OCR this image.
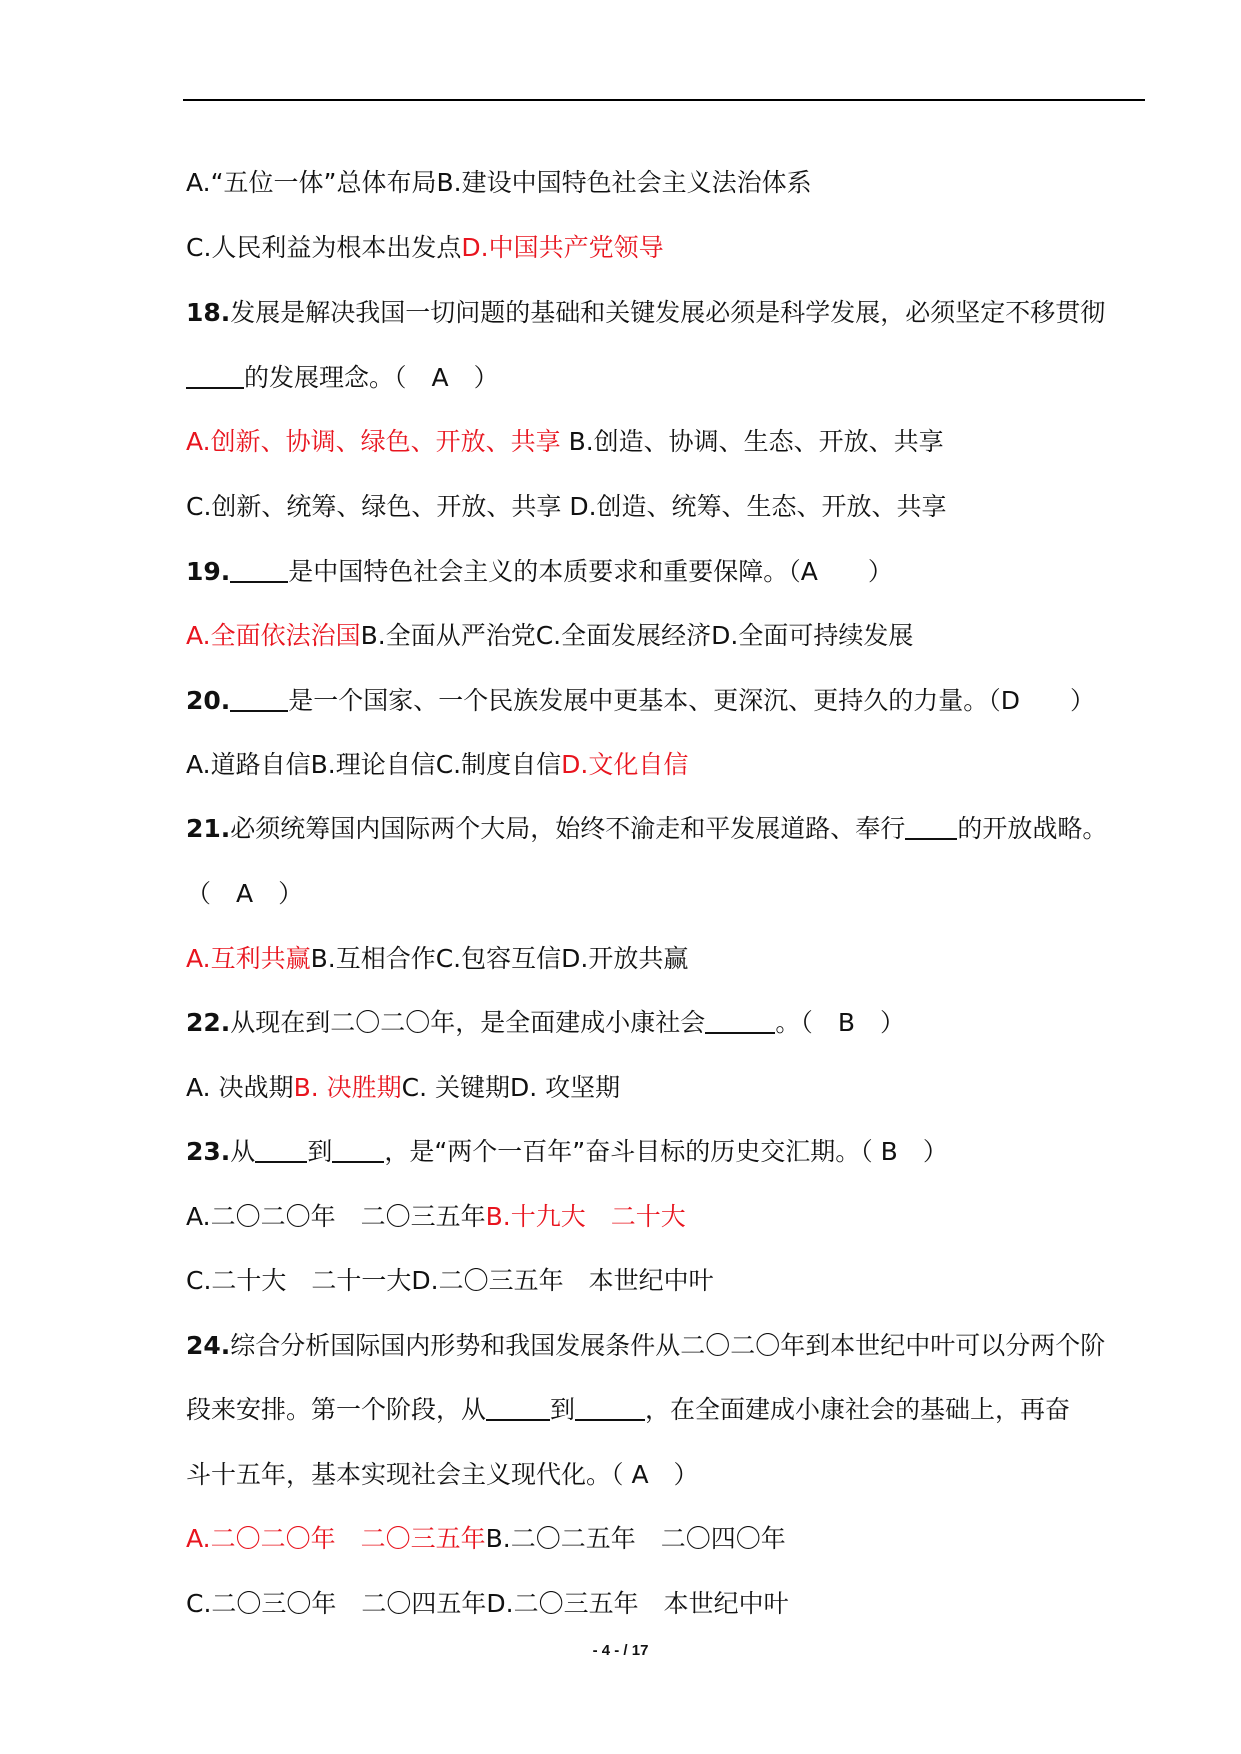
A.“五位一体”总体布局B.建设中国特色社会主义法治体系
C.人民利益为根本出发点D.中国共产党领导
18.发展是解决我国一切问题的基础和关键发展必须是科学发展，必须坚定不移贯彻
的发展理念。（　A　）
A.创新、协调、绿色、开放、共享 B.创造、协调、生态、开放、共享
C.创新、统筹、绿色、开放、共享 D.创造、统筹、生态、开放、共享
19. 是中国特色社会主义的本质要求和重要保障。（A　　）
A.全面依法治国B.全面从严治党C.全面发展经济D.全面可持续发展
20. 是一个国家、一个民族发展中更基本、更深沉、更持久的力量。（D　　）
A.道路自信B.理论自信C.制度自信D.文化自信
21.必须统筹国内国际两个大局，始终不渝走和平发展道路、奉行 的开放战略。
（　A　）
A.互利共赢B.互相合作C.包容互信D.开放共赢
22.从现在到二〇二〇年，是全面建成小康社会	。（　B　）
A. 决战期B. 决胜期C. 关键期D. 攻坚期
23.从 到 ，是“两个一百年”奋斗目标的历史交汇期。（ B　）
A.二〇二〇年　二〇三五年B.十九大　二十大
C.二十大　二十一大D.二〇三五年　本世纪中叶
24.综合分析国际国内形势和我国发展条件从二〇二〇年到本世纪中叶可以分两个阶
段来安排。第一个阶段，从	到	，在全面建成小康社会的基础上，再奋
斗十五年，基本实现社会主义现代化。（ A　）
A.二〇二〇年　二〇三五年B.二〇二五年　二〇四〇年
C.二〇三〇年　二〇四五年D.二〇三五年　本世纪中叶
- 4 - / 17
